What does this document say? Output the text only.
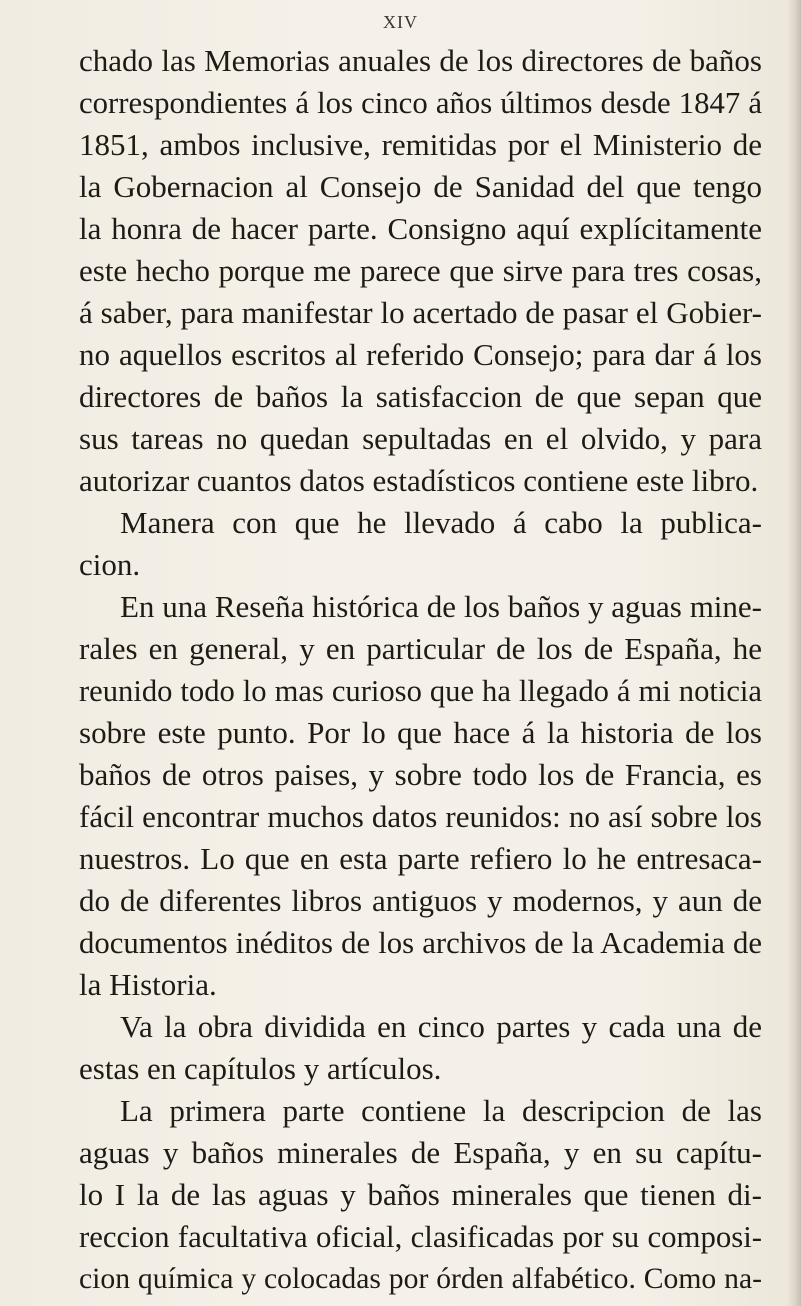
XIV
chado las Memorias anuales de los directores de baños
correspondientes á los cinco años últimos desde 1847 á
1851, ambos inclusive, remitidas por el Ministerio de
la Gobernacion al Consejo de Sanidad del que tengo
la honra de hacer parte. Consigno aquí explícitamente
este hecho porque me parece que sirve para tres cosas,
á saber, para manifestar lo acertado de pasar el Gobier-
no aquellos escritos al referido Consejo; para dar á los
directores de baños la satisfaccion de que sepan que
sus tareas no quedan sepultadas en el olvido, y para
autorizar cuantos datos estadísticos contiene este libro.
Manera con que he llevado á cabo la publica-
cion.
En una Reseña histórica de los baños y aguas mine-
rales en general, y en particular de los de España, he
reunido todo lo mas curioso que ha llegado á mi noticia
sobre este punto. Por lo que hace á la historia de los
baños de otros paises, y sobre todo los de Francia, es
fácil encontrar muchos datos reunidos: no así sobre los
nuestros. Lo que en esta parte refiero lo he entresaca-
do de diferentes libros antiguos y modernos, y aun de
documentos inéditos de los archivos de la Academia de
la Historia.
Va la obra dividida en cinco partes y cada una de
estas en capítulos y artículos.
La primera parte contiene la descripcion de las
aguas y baños minerales de España, y en su capítu-
lo I la de las aguas y baños minerales que tienen di-
reccion facultativa oficial, clasificadas por su composi-
cion química y colocadas por órden alfabético. Como na-
